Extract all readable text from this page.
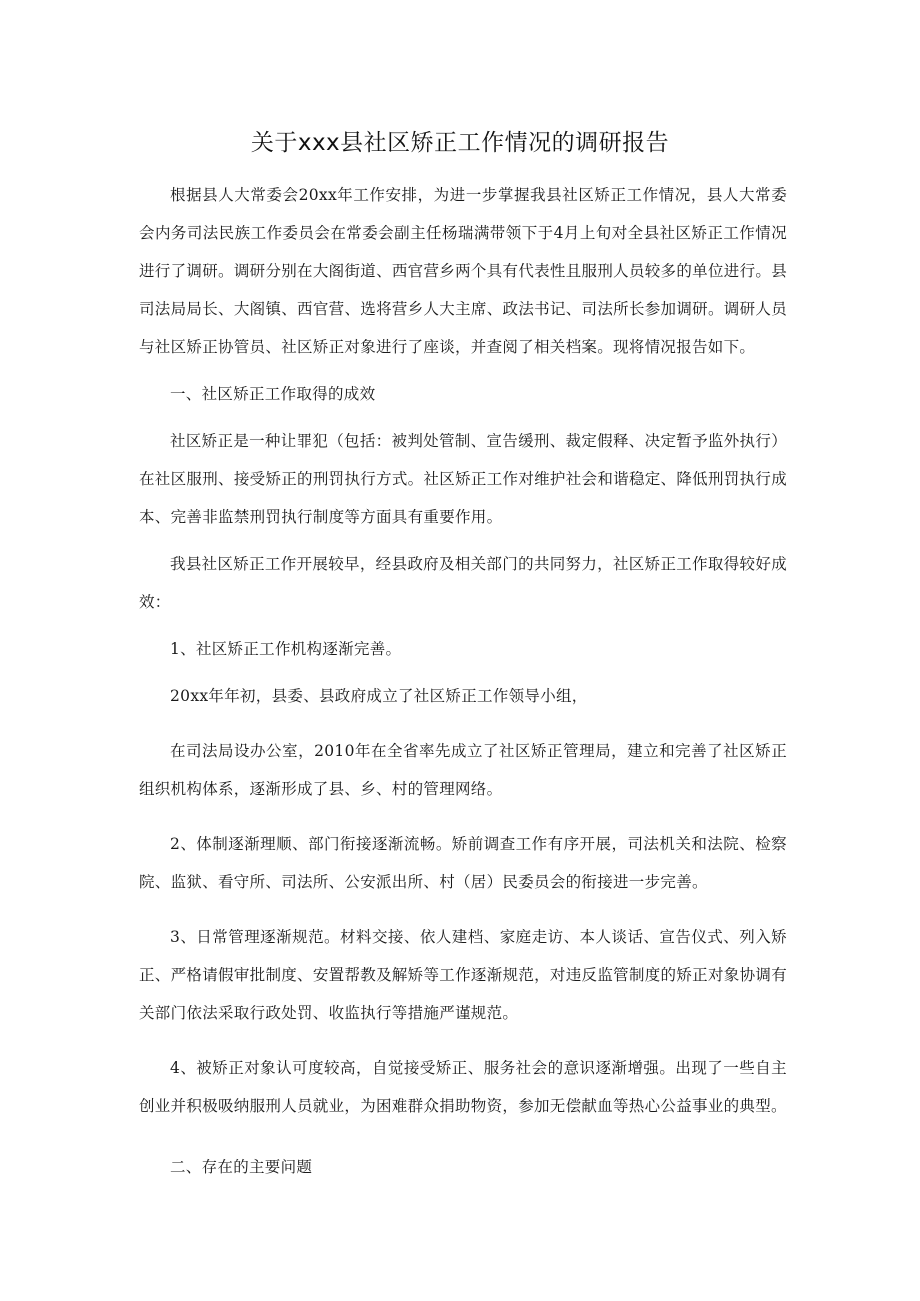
关于xxx县社区矫正工作情况的调研报告

根据县人大常委会20xx年工作安排，为进一步掌握我县社区矫正工作情况，县人大常委会内务司法民族工作委员会在常委会副主任杨瑞满带领下于4月上旬对全县社区矫正工作情况进行了调研。调研分别在大阁街道、西官营乡两个具有代表性且服刑人员较多的单位进行。县司法局局长、大阁镇、西官营、选将营乡人大主席、政法书记、司法所长参加调研。调研人员与社区矫正协管员、社区矫正对象进行了座谈，并查阅了相关档案。现将情况报告如下。

一、社区矫正工作取得的成效

社区矫正是一种让罪犯（包括：被判处管制、宣告缓刑、裁定假释、决定暂予监外执行）在社区服刑、接受矫正的刑罚执行方式。社区矫正工作对维护社会和谐稳定、降低刑罚执行成本、完善非监禁刑罚执行制度等方面具有重要作用。

我县社区矫正工作开展较早，经县政府及相关部门的共同努力，社区矫正工作取得较好成效：

1、社区矫正工作机构逐渐完善。

20xx年年初，县委、县政府成立了社区矫正工作领导小组，

在司法局设办公室，2010年在全省率先成立了社区矫正管理局，建立和完善了社区矫正组织机构体系，逐渐形成了县、乡、村的管理网络。

2、体制逐渐理顺、部门衔接逐渐流畅。矫前调查工作有序开展，司法机关和法院、检察院、监狱、看守所、司法所、公安派出所、村（居）民委员会的衔接进一步完善。

3、日常管理逐渐规范。材料交接、依人建档、家庭走访、本人谈话、宣告仪式、列入矫正、严格请假审批制度、安置帮教及解矫等工作逐渐规范，对违反监管制度的矫正对象协调有关部门依法采取行政处罚、收监执行等措施严谨规范。

4、被矫正对象认可度较高，自觉接受矫正、服务社会的意识逐渐增强。出现了一些自主创业并积极吸纳服刑人员就业，为困难群众捐助物资，参加无偿献血等热心公益事业的典型。

二、存在的主要问题
